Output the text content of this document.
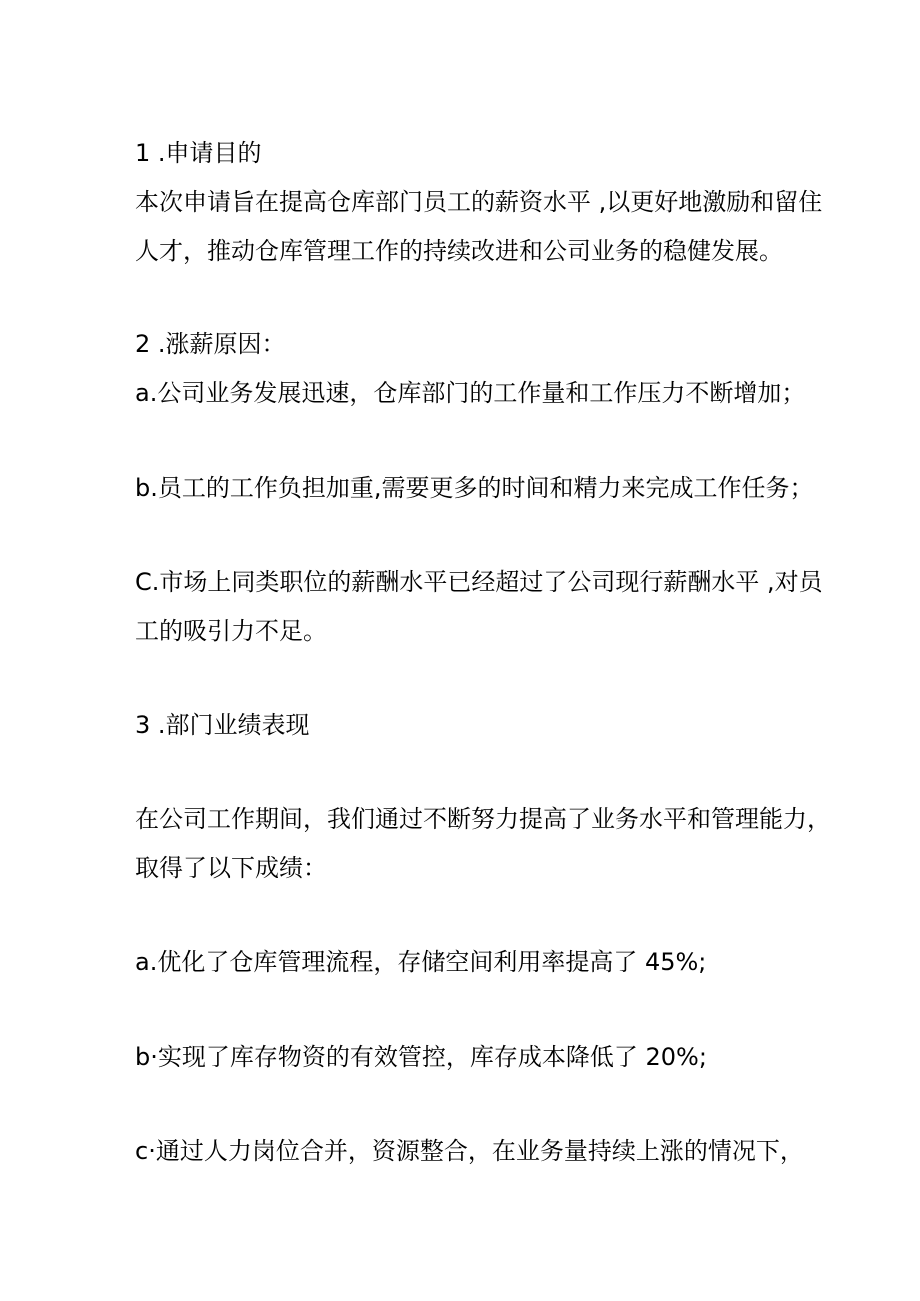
1 .申请目的
本次申请旨在提高仓库部门员工的薪资水平 ,以更好地激励和留住
人才，推动仓库管理工作的持续改进和公司业务的稳健发展。
2 .涨薪原因：
a.公司业务发展迅速，仓库部门的工作量和工作压力不断增加；
b.员工的工作负担加重,需要更多的时间和精力来完成工作任务；
C.市场上同类职位的薪酬水平已经超过了公司现行薪酬水平 ,对员
工的吸引力不足。
3 .部门业绩表现
在公司工作期间，我们通过不断努力提高了业务水平和管理能力，
取得了以下成绩：
a.优化了仓库管理流程，存储空间利用率提高了 45%;
b·实现了库存物资的有效管控，库存成本降低了 20%;
c·通过人力岗位合并，资源整合，在业务量持续上涨的情况下，
